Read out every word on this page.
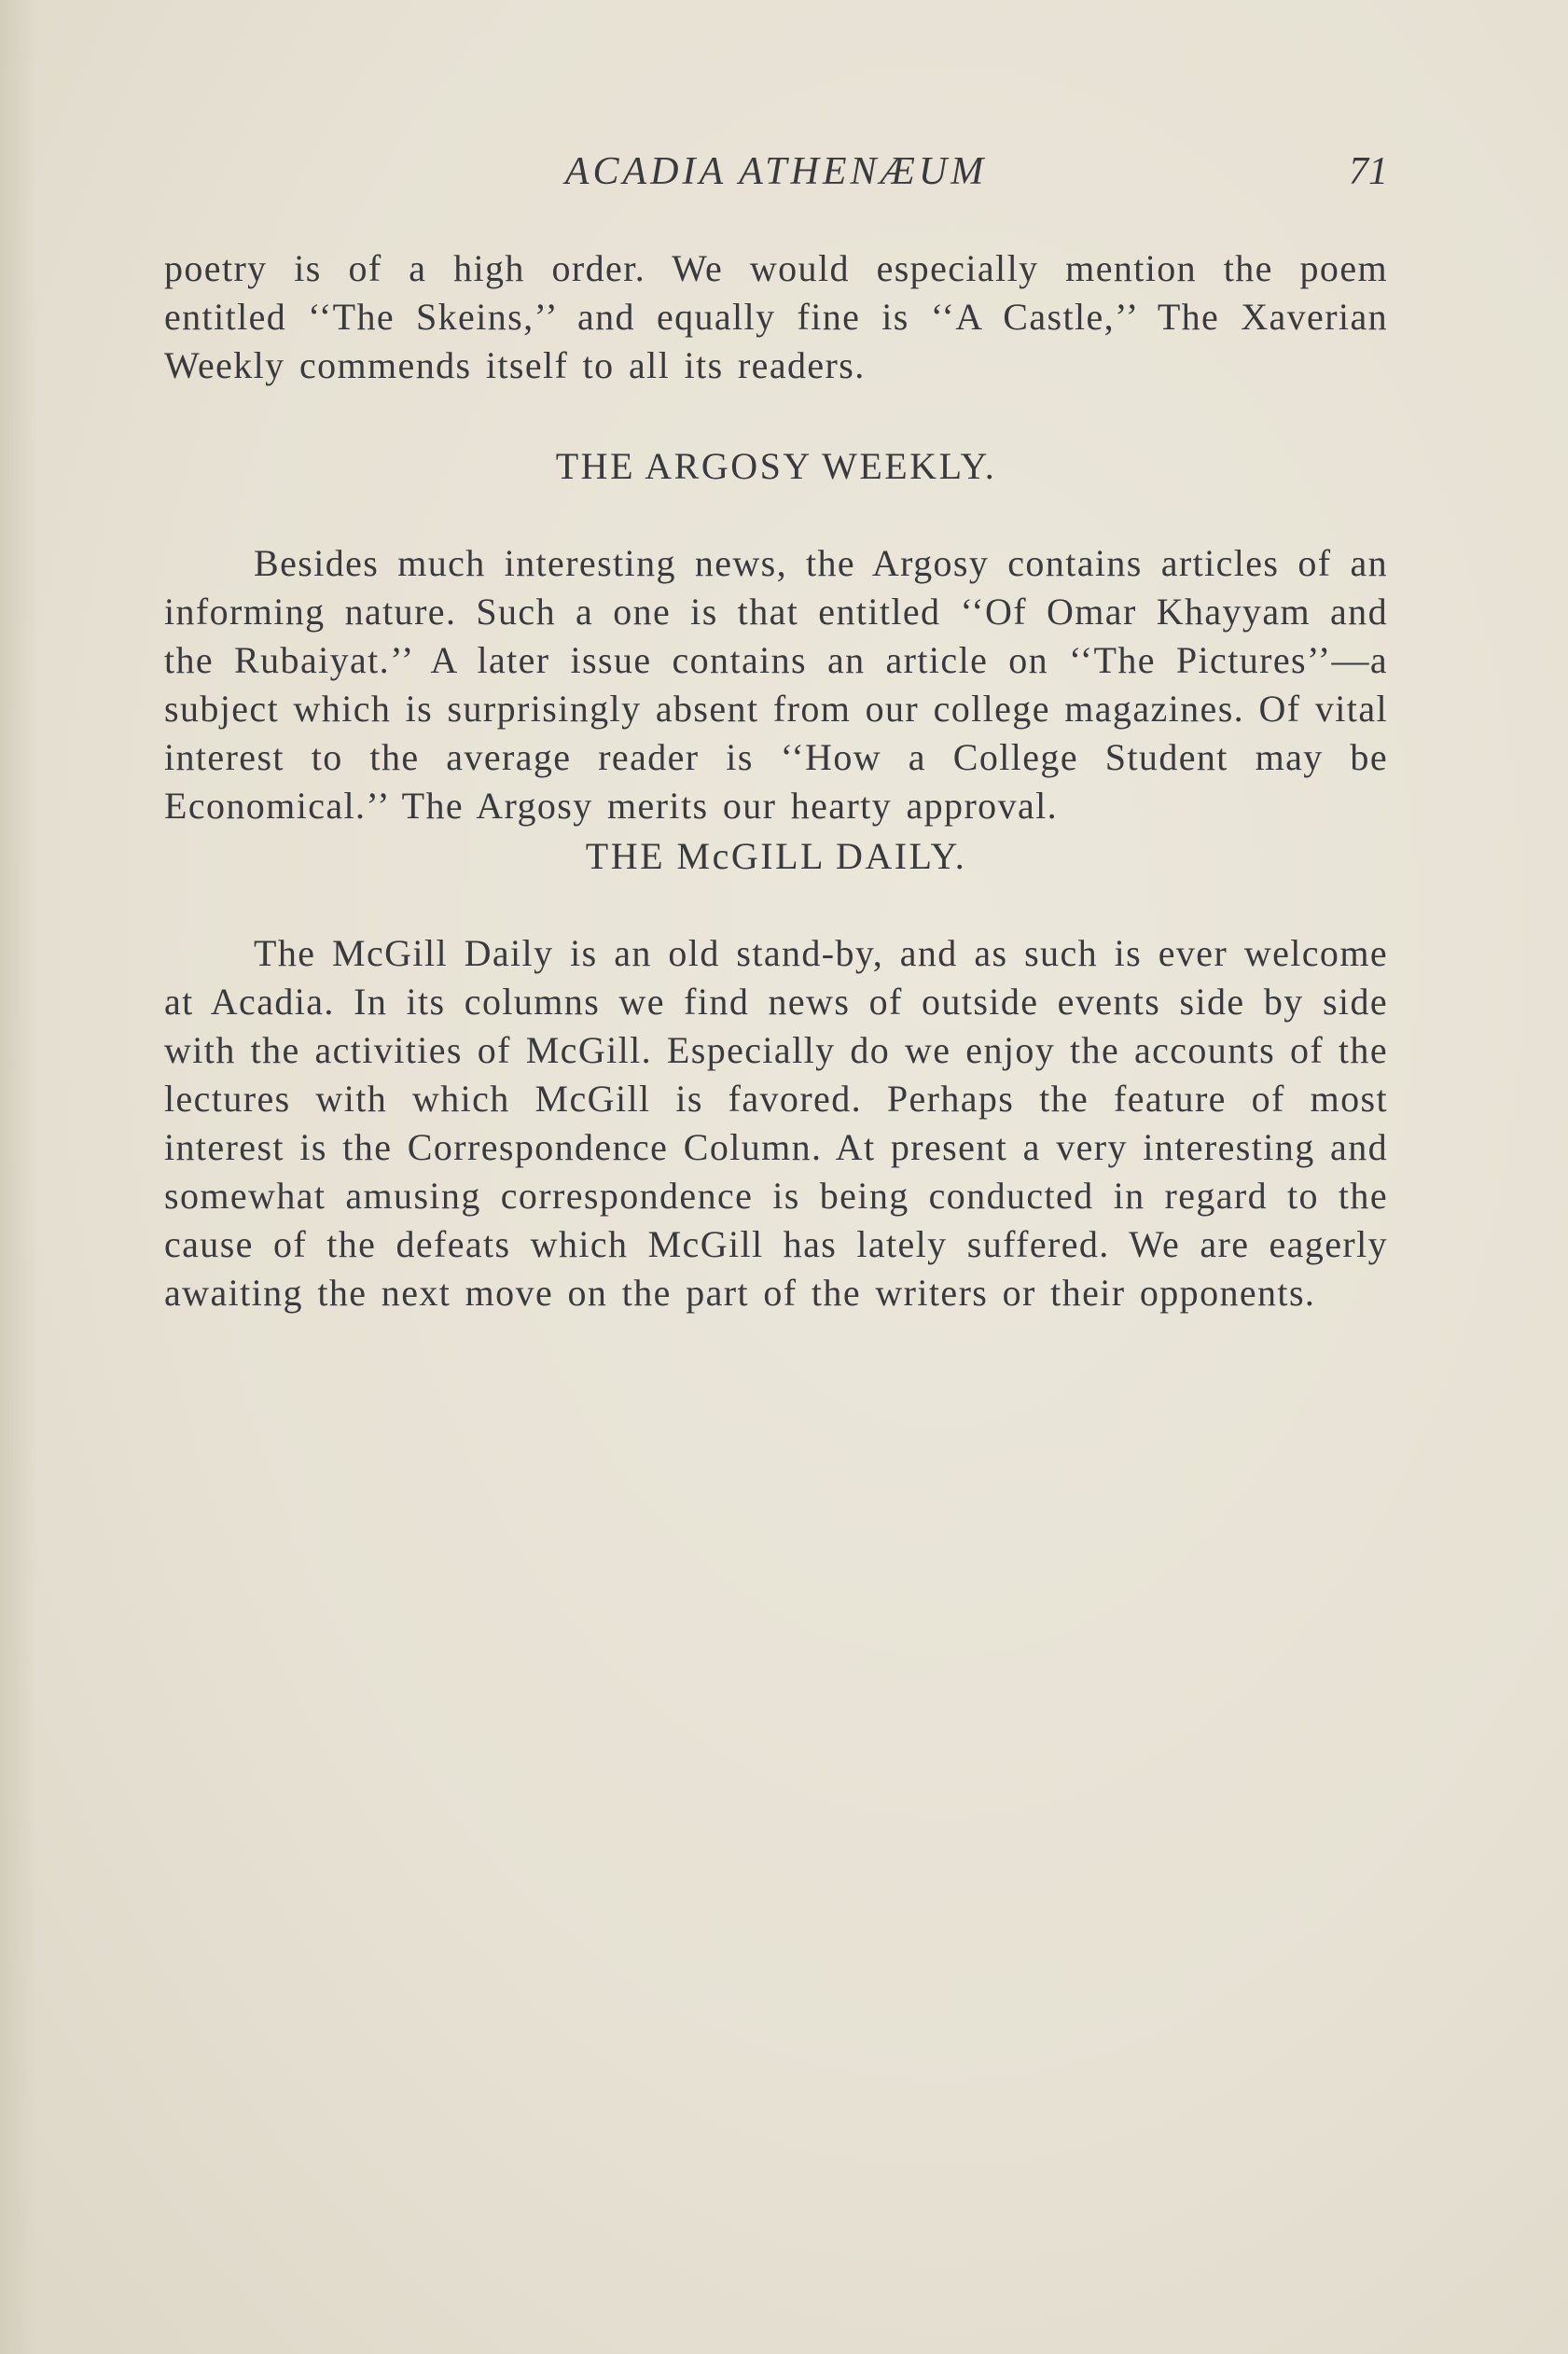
ACADIA ATHENÆUM	71

poetry is of a high order. We would especially mention the poem entitled ‘‘The Skeins,’’ and equally fine is ‘‘A Castle,’’ The Xaverian Weekly commends itself to all its readers.

THE ARGOSY WEEKLY.

Besides much interesting news, the Argosy contains articles of an informing nature. Such a one is that entitled ‘‘Of Omar Khayyam and the Rubaiyat.’’ A later issue contains an article on ‘‘The Pictures’’—a subject which is surprisingly absent from our college magazines. Of vital interest to the average reader is ‘‘How a College Student may be Economical.’’ The Argosy merits our hearty approval.

THE McGILL DAILY.

The McGill Daily is an old stand-by, and as such is ever welcome at Acadia. In its columns we find news of outside events side by side with the activities of McGill. Especially do we enjoy the accounts of the lectures with which McGill is favored. Perhaps the feature of most interest is the Correspondence Column. At present a very interesting and somewhat amusing correspondence is being conducted in regard to the cause of the defeats which McGill has lately suffered. We are eagerly awaiting the next move on the part of the writers or their opponents.
